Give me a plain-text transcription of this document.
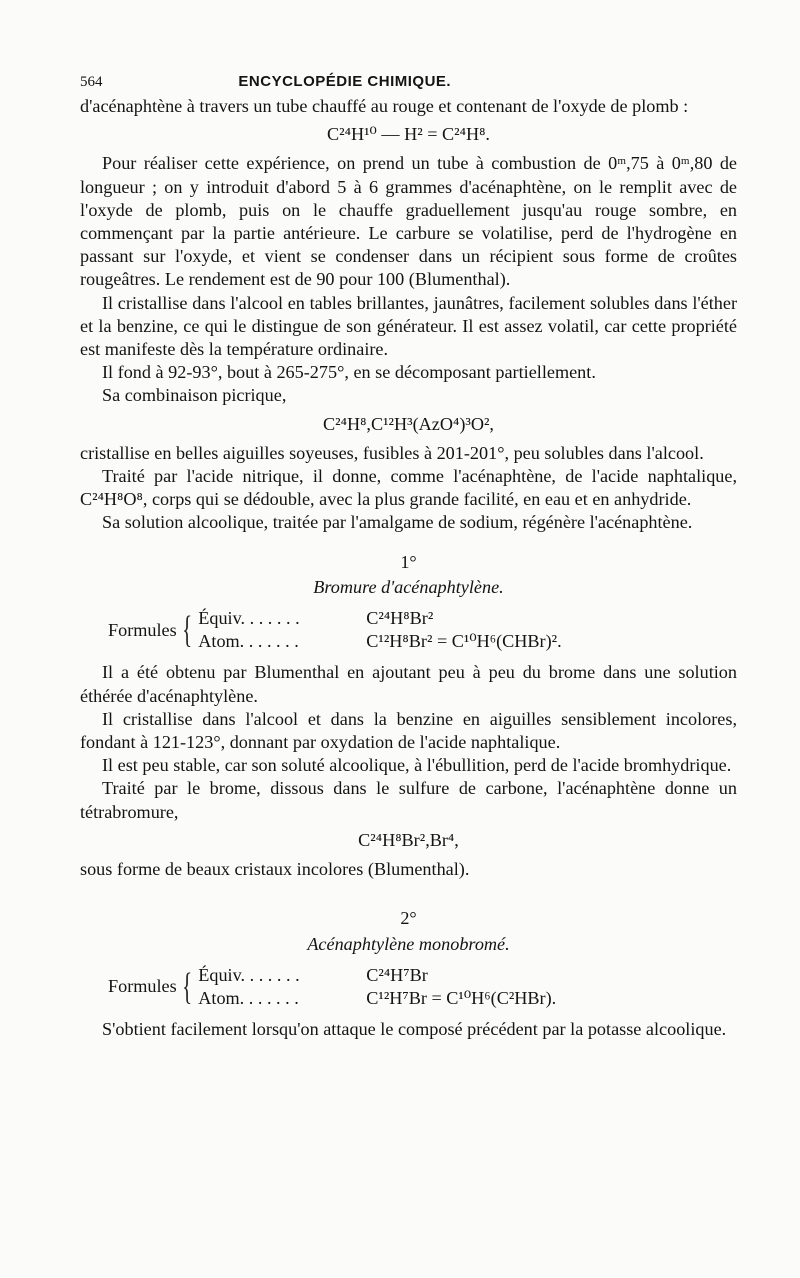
564	ENCYCLOPÉDIE CHIMIQUE.

d'acénaphtène à travers un tube chauffé au rouge et contenant de l'oxyde de plomb :

C²⁴H¹⁰ — H² = C²⁴H⁸.

Pour réaliser cette expérience, on prend un tube à combustion de 0ᵐ,75 à 0ᵐ,80 de longueur ; on y introduit d'abord 5 à 6 grammes d'acénaphtène, on le remplit avec de l'oxyde de plomb, puis on le chauffe graduellement jusqu'au rouge sombre, en commençant par la partie antérieure. Le carbure se volatilise, perd de l'hydrogène en passant sur l'oxyde, et vient se condenser dans un récipient sous forme de croûtes rougeâtres. Le rendement est de 90 pour 100 (Blumenthal).

Il cristallise dans l'alcool en tables brillantes, jaunâtres, facilement solubles dans l'éther et la benzine, ce qui le distingue de son générateur. Il est assez volatil, car cette propriété est manifeste dès la température ordinaire.

Il fond à 92-93°, bout à 265-275°, en se décomposant partiellement.

Sa combinaison picrique,

C²⁴H⁸,C¹²H³(AzO⁴)³O²,

cristallise en belles aiguilles soyeuses, fusibles à 201-201°, peu solubles dans l'alcool.

Traité par l'acide nitrique, il donne, comme l'acénaphtène, de l'acide naphtalique, C²⁴H⁸O⁸, corps qui se dédouble, avec la plus grande facilité, en eau et en anhydride.

Sa solution alcoolique, traitée par l'amalgame de sodium, régénère l'acénaphtène.

1°
Bromure d'acénaphtylène.
Formules { Équiv. . . . . . .	C²⁴H⁸Br²
Atom. . . . . . .	C¹²H⁸Br² = C¹⁰H⁶(CHBr)².

Il a été obtenu par Blumenthal en ajoutant peu à peu du brome dans une solution éthérée d'acénaphtylène.

Il cristallise dans l'alcool et dans la benzine en aiguilles sensiblement incolores, fondant à 121-123°, donnant par oxydation de l'acide naphtalique.

Il est peu stable, car son soluté alcoolique, à l'ébullition, perd de l'acide bromhydrique.

Traité par le brome, dissous dans le sulfure de carbone, l'acénaphtène donne un tétrabromure,

C²⁴H⁸Br²,Br⁴,

sous forme de beaux cristaux incolores (Blumenthal).

2°
Acénaphtylène monobromé.
Formules { Équiv. . . . . . .	C²⁴H⁷Br
Atom. . . . . . .	C¹²H⁷Br = C¹⁰H⁶(C²HBr).

S'obtient facilement lorsqu'on attaque le composé précédent par la potasse alcoolique.
